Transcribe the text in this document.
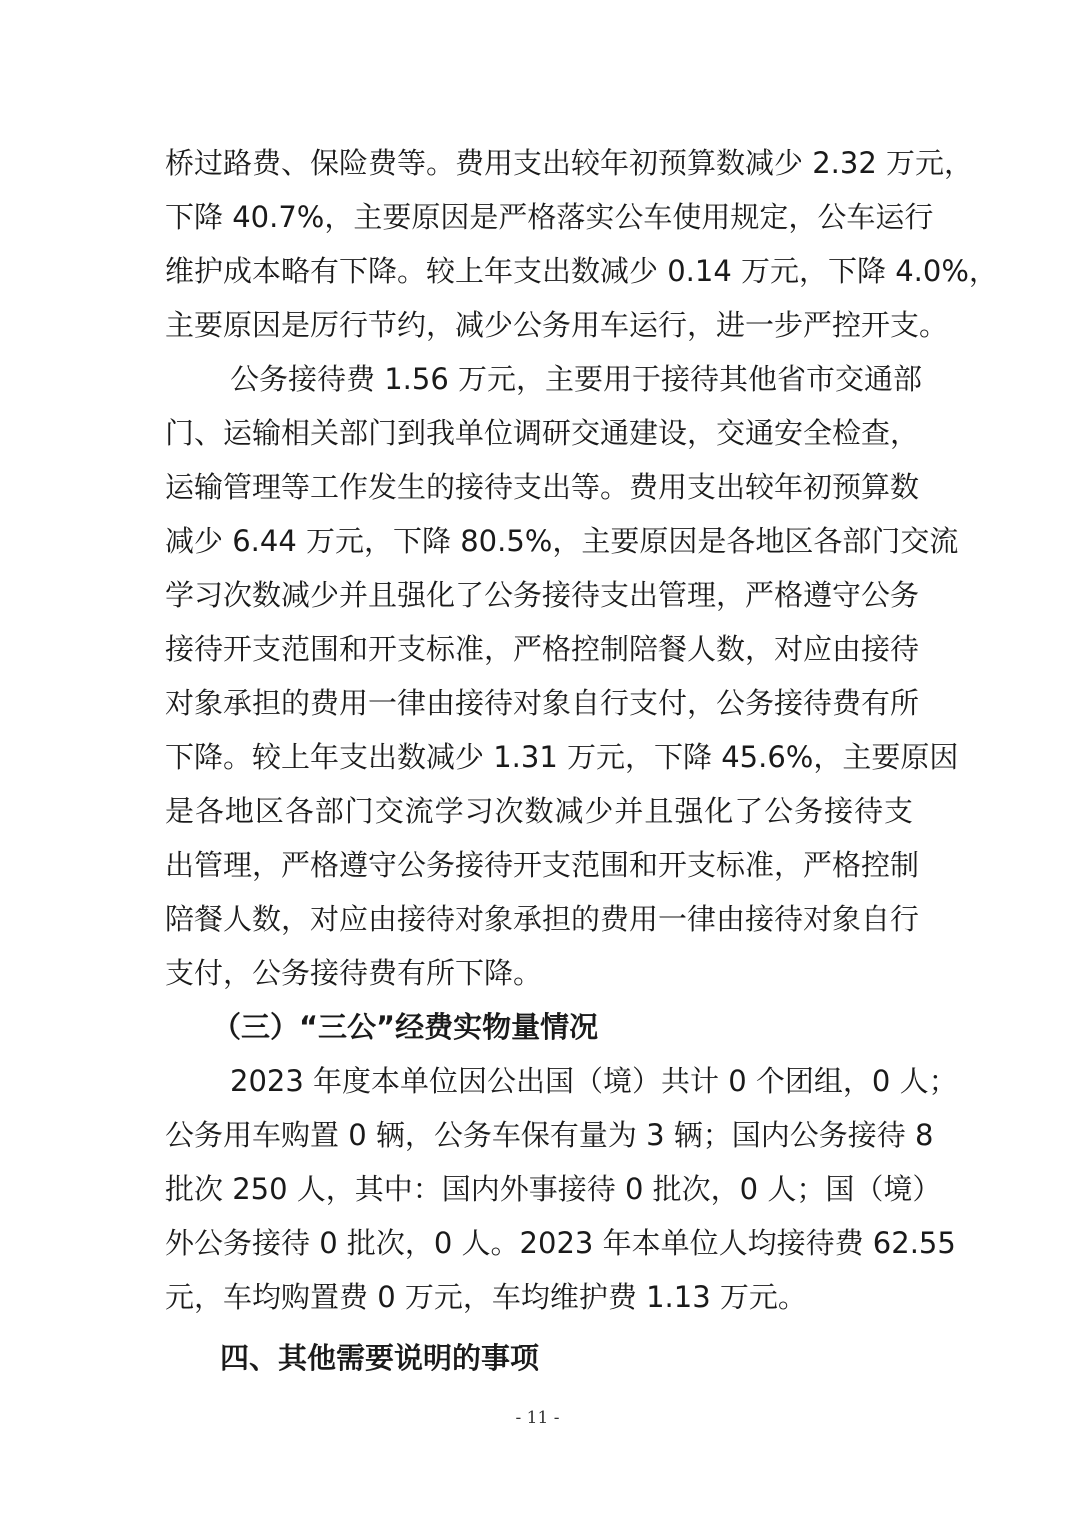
桥过路费、保险费等。费用支出较年初预算数减少 2.32 万元，
下降 40.7%，主要原因是严格落实公车使用规定，公车运行
维护成本略有下降。较上年支出数减少 0.14 万元，下降 4.0%，
主要原因是厉行节约，减少公务用车运行，进一步严控开支。
公务接待费 1.56 万元，主要用于接待其他省市交通部
门、运输相关部门到我单位调研交通建设，交通安全检查，
运输管理等工作发生的接待支出等。费用支出较年初预算数
减少 6.44 万元，下降 80.5%，主要原因是各地区各部门交流
学习次数减少并且强化了公务接待支出管理，严格遵守公务
接待开支范围和开支标准，严格控制陪餐人数，对应由接待
对象承担的费用一律由接待对象自行支付，公务接待费有所
下降。较上年支出数减少 1.31 万元，下降 45.6%，主要原因
是各地区各部门交流学习次数减少并且强化了公务接待支
出管理，严格遵守公务接待开支范围和开支标准，严格控制
陪餐人数，对应由接待对象承担的费用一律由接待对象自行
支付，公务接待费有所下降。
（三）“三公”经费实物量情况
2023 年度本单位因公出国（境）共计 0 个团组，0 人；
公务用车购置 0 辆，公务车保有量为 3 辆；国内公务接待 8
批次 250 人，其中：国内外事接待 0 批次，0 人；国（境）
外公务接待 0 批次，0 人。2023 年本单位人均接待费 62.55
元，车均购置费 0 万元，车均维护费 1.13 万元。
四、其他需要说明的事项
- 11 -
